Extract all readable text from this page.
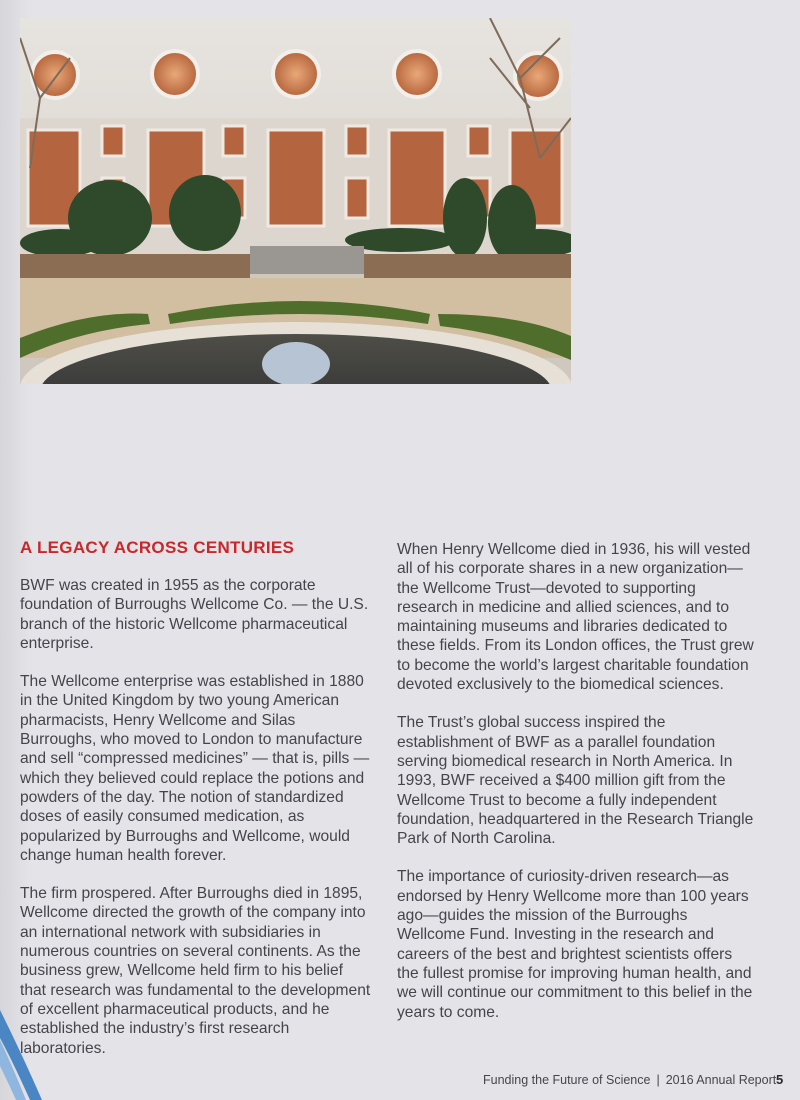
A LEGACY ACROSS CENTURIES

BWF was created in 1955 as the corporate foundation of Burroughs Wellcome Co. — the U.S. branch of the historic Wellcome pharmaceutical enterprise.

The Wellcome enterprise was established in 1880 in the United Kingdom by two young American pharmacists, Henry Wellcome and Silas Burroughs, who moved to London to manufacture and sell “compressed medicines” — that is, pills — which they believed could replace the potions and powders of the day. The notion of standardized doses of easily consumed medication, as popularized by Burroughs and Wellcome, would change human health forever.

The firm prospered. After Burroughs died in 1895, Wellcome directed the growth of the company into an international network with subsidiaries in numerous countries on several continents. As the business grew, Wellcome held firm to his belief that research was fundamental to the development of excellent pharmaceutical products, and he established the industry’s first research laboratories.

When Henry Wellcome died in 1936, his will vested all of his corporate shares in a new organization—the Wellcome Trust—devoted to supporting research in medicine and allied sciences, and to maintaining museums and libraries dedicated to these fields. From its London offices, the Trust grew to become the world’s largest charitable foundation devoted exclusively to the biomedical sciences.

The Trust’s global success inspired the establishment of BWF as a parallel foundation serving biomedical research in North America. In 1993, BWF received a $400 million gift from the Wellcome Trust to become a fully independent foundation, headquartered in the Research Triangle Park of North Carolina.

The importance of curiosity-driven research—as endorsed by Henry Wellcome more than 100 years ago—guides the mission of the Burroughs Wellcome Fund. Investing in the research and careers of the best and brightest scientists offers the fullest promise for improving human health, and we will continue our commitment to this belief in the years to come.

Funding the Future of Science | 2016 Annual Report 5
